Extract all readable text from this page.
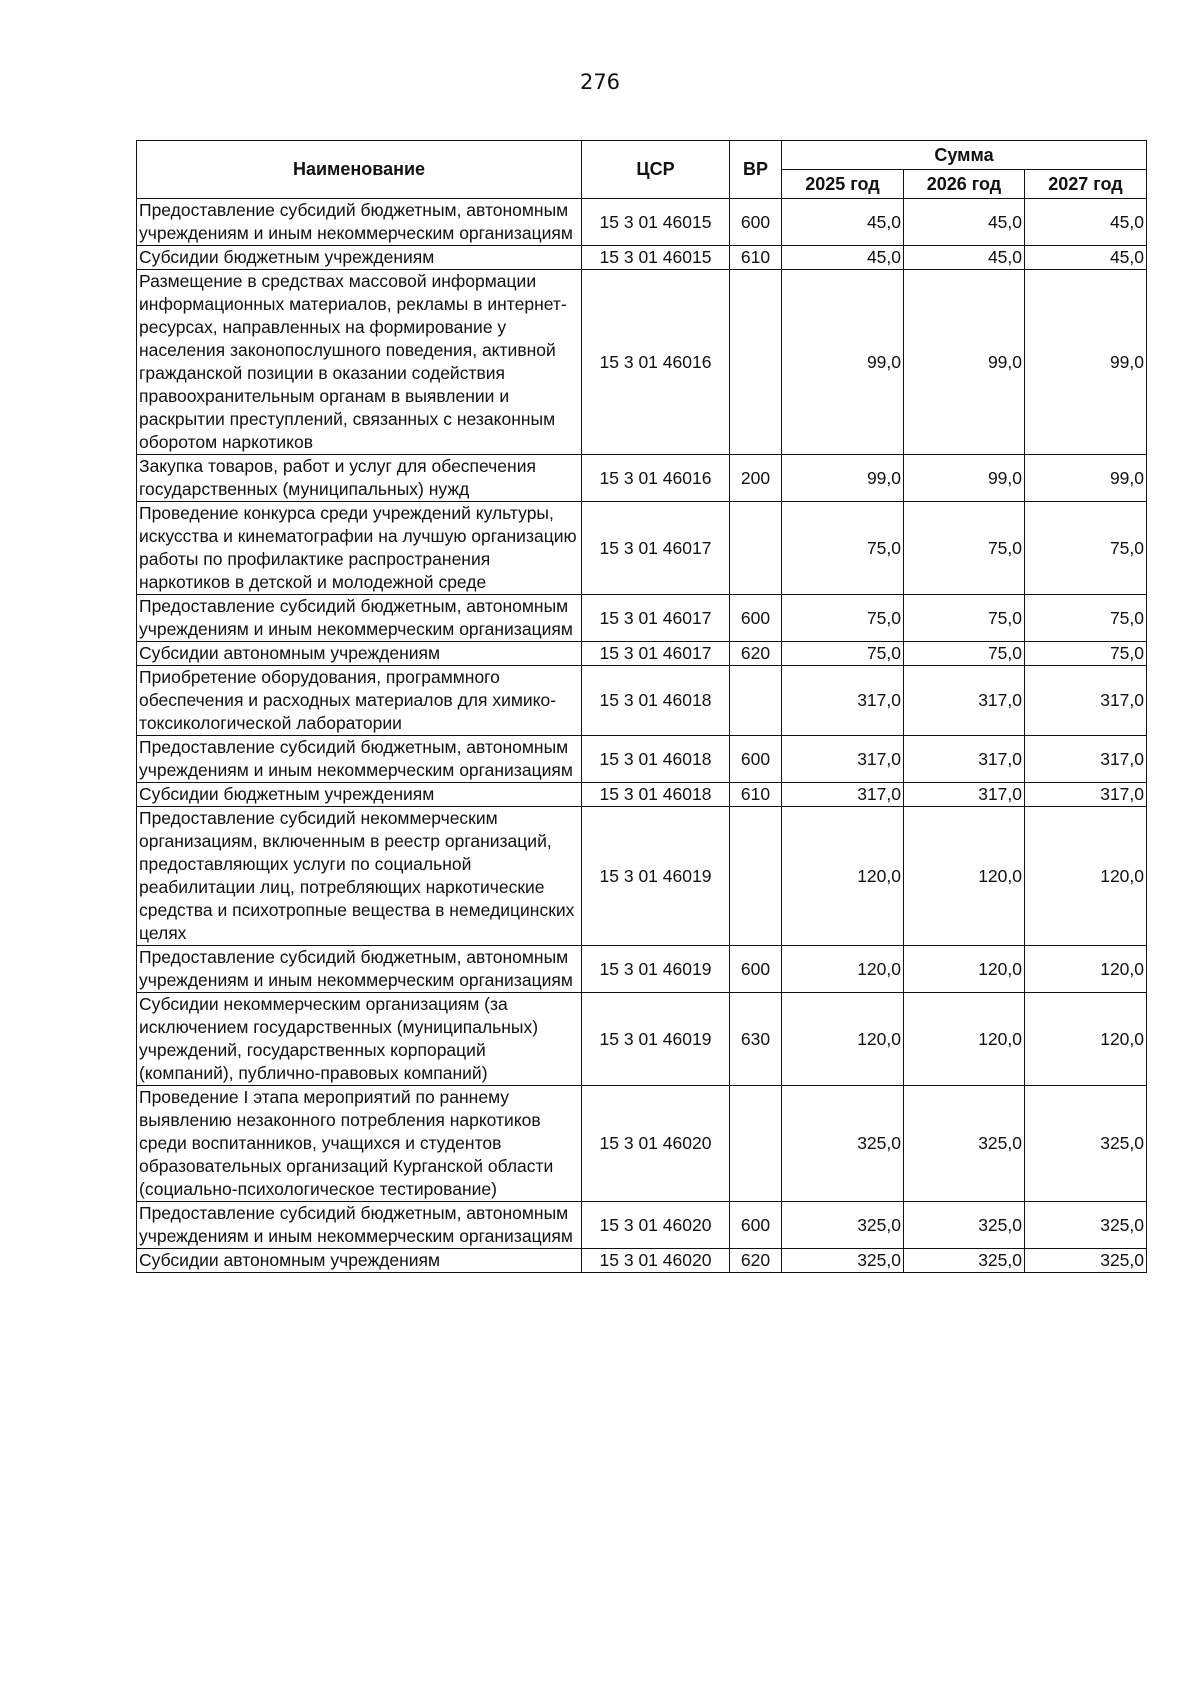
276
Наименование	ЦСР	ВР	Сумма		
			2025 год	2026 год	2027 год
Предоставление субсидий бюджетным, автономным учреждениям и иным некоммерческим организациям	15 3 01 46015	600	45,0	45,0	45,0
Субсидии бюджетным учреждениям	15 3 01 46015	610	45,0	45,0	45,0
Размещение в средствах массовой информации информационных материалов, рекламы в интернет-ресурсах, направленных на формирование у населения законопослушного поведения, активной гражданской позиции в оказании содействия правоохранительным органам в выявлении и раскрытии преступлений, связанных с незаконным оборотом наркотиков	15 3 01 46016		99,0	99,0	99,0
Закупка товаров, работ и услуг для обеспечения государственных (муниципальных) нужд	15 3 01 46016	200	99,0	99,0	99,0
Проведение конкурса среди учреждений культуры, искусства и кинематографии на лучшую организацию работы по профилактике распространения наркотиков в детской и молодежной среде	15 3 01 46017		75,0	75,0	75,0
Предоставление субсидий бюджетным, автономным учреждениям и иным некоммерческим организациям	15 3 01 46017	600	75,0	75,0	75,0
Субсидии автономным учреждениям	15 3 01 46017	620	75,0	75,0	75,0
Приобретение оборудования, программного обеспечения и расходных материалов для химико-токсикологической лаборатории	15 3 01 46018		317,0	317,0	317,0
Предоставление субсидий бюджетным, автономным учреждениям и иным некоммерческим организациям	15 3 01 46018	600	317,0	317,0	317,0
Субсидии бюджетным учреждениям	15 3 01 46018	610	317,0	317,0	317,0
Предоставление субсидий некоммерческим организациям, включенным в реестр организаций, предоставляющих услуги по социальной реабилитации лиц, потребляющих наркотические средства и психотропные вещества в немедицинских целях	15 3 01 46019		120,0	120,0	120,0
Предоставление субсидий бюджетным, автономным учреждениям и иным некоммерческим организациям	15 3 01 46019	600	120,0	120,0	120,0
Субсидии некоммерческим организациям (за исключением государственных (муниципальных) учреждений, государственных корпораций (компаний), публично-правовых компаний)	15 3 01 46019	630	120,0	120,0	120,0
Проведение I этапа мероприятий по раннему выявлению незаконного потребления наркотиков среди воспитанников, учащихся и студентов образовательных организаций Курганской области (социально-психологическое тестирование)	15 3 01 46020		325,0	325,0	325,0
Предоставление субсидий бюджетным, автономным учреждениям и иным некоммерческим организациям	15 3 01 46020	600	325,0	325,0	325,0
Субсидии автономным учреждениям	15 3 01 46020	620	325,0	325,0	325,0
